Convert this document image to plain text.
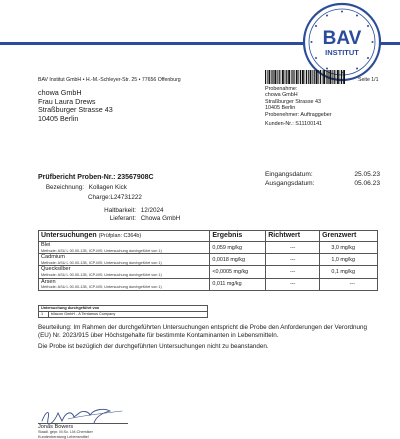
BAV
INSTITUT
BAV Institut GmbH • H.-M.-Schleyer-Str. 25 • 77656 Offenburg	Seite 1/1
chowa GmbH
Frau Laura Drews
Straßburger Strasse 43
10405 Berlin
Probenahme:
chowa GmbH
Straßburger Strasse 43
10405 Berlin
Probenehmer: Auftraggeber
Kunden-Nr.: S11100141
Eingangsdatum:	25.05.23
Ausgangsdatum:	05.06.23
Prüfbericht Proben-Nr.: 23567908C
Bezeichnung: Kollagen Kick
Charge:L24731222
Haltbarkeit: 12/2024
Lieferant: Chowa GmbH
Untersuchungen (Prüfplan: C364b)	Ergebnis	Richtwert	Grenzwert

Blei
Methode: ASU L 00.00-135, ICP-MS; Untersuchung durchgeführt von 1)	0,059 mg/kg	---	3,0 mg/kg

Cadmium
Methode: ASU L 00.00-135, ICP-MS; Untersuchung durchgeführt von 1)	0,0018 mg/kg	---	1,0 mg/kg

Quecksilber
Methode: ASU L 00.00-135, ICP-MS; Untersuchung durchgeführt von 1)	<0,0005 mg/kg	---	0,1 mg/kg

Arsen
Methode: ASU L 00.00-135, ICP-MS; Untersuchung durchgeführt von 1)	0,011 mg/kg	---	---
Untersuchung durchgeführt von
1	bilacon GmbH - A Tentamus Company
Beurteilung: Im Rahmen der durchgeführten Untersuchungen entspricht die Probe den Anforderungen der Verordnung (EU) Nr. 2023/915 über Höchstgehalte für bestimmte Kontaminanten in Lebensmitteln.
Die Probe ist bezüglich der durchgeführten Untersuchungen nicht zu beanstanden.
Jonas Bowers
Staatl. gepr. M.Sc. LM-Chemiker
Kundenberatung Lebensmittel
